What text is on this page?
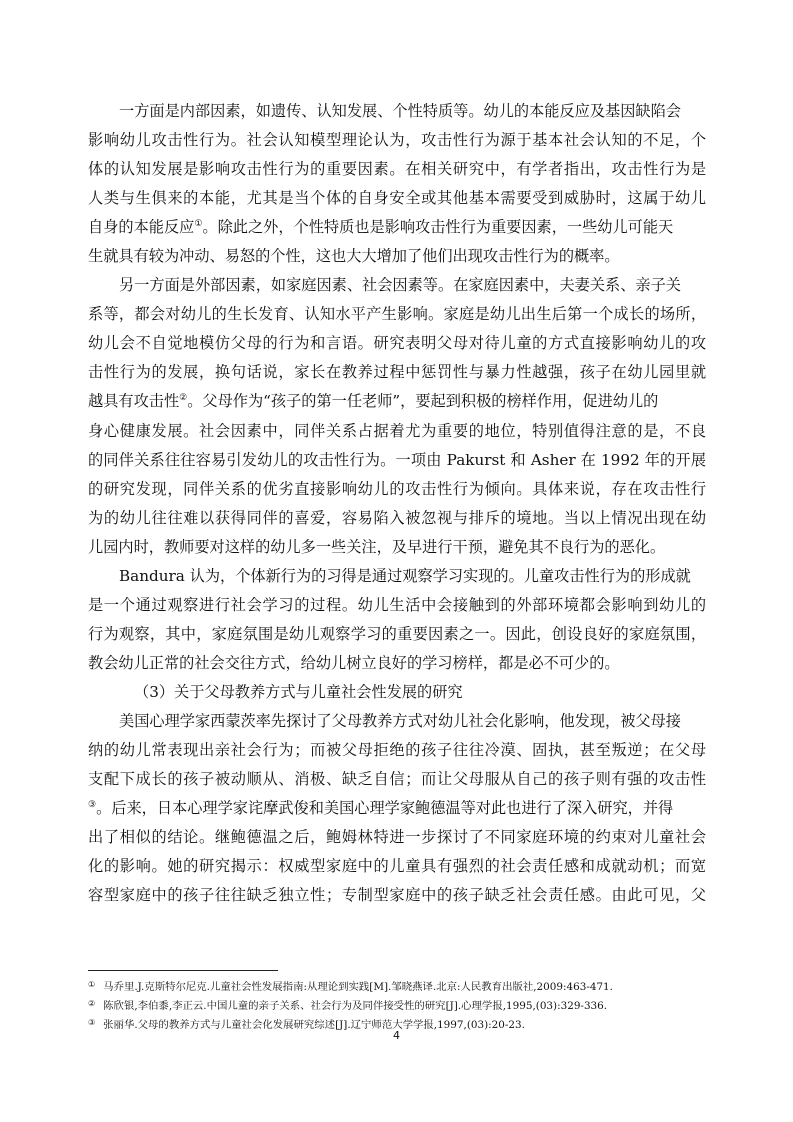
一方面是内部因素，如遗传、认知发展、个性特质等。幼儿的本能反应及基因缺陷会
影响幼儿攻击性行为。社会认知模型理论认为，攻击性行为源于基本社会认知的不足，个
体的认知发展是影响攻击性行为的重要因素。在相关研究中，有学者指出，攻击性行为是
人类与生俱来的本能，尤其是当个体的自身安全或其他基本需要受到威胁时，这属于幼儿
自身的本能反应①。除此之外，个性特质也是影响攻击性行为重要因素，一些幼儿可能天
生就具有较为冲动、易怒的个性，这也大大增加了他们出现攻击性行为的概率。
另一方面是外部因素，如家庭因素、社会因素等。在家庭因素中，夫妻关系、亲子关
系等，都会对幼儿的生长发育、认知水平产生影响。家庭是幼儿出生后第一个成长的场所，
幼儿会不自觉地模仿父母的行为和言语。研究表明父母对待儿童的方式直接影响幼儿的攻
击性行为的发展，换句话说，家长在教养过程中惩罚性与暴力性越强，孩子在幼儿园里就
越具有攻击性②。父母作为“孩子的第一任老师”，要起到积极的榜样作用，促进幼儿的
身心健康发展。社会因素中，同伴关系占据着尤为重要的地位，特别值得注意的是，不良
的同伴关系往往容易引发幼儿的攻击性行为。一项由 Pakurst 和 Asher 在 1992 年的开展
的研究发现，同伴关系的优劣直接影响幼儿的攻击性行为倾向。具体来说，存在攻击性行
为的幼儿往往难以获得同伴的喜爱，容易陷入被忽视与排斥的境地。当以上情况出现在幼
儿园内时，教师要对这样的幼儿多一些关注，及早进行干预，避免其不良行为的恶化。
Bandura 认为，个体新行为的习得是通过观察学习实现的。儿童攻击性行为的形成就
是一个通过观察进行社会学习的过程。幼儿生活中会接触到的外部环境都会影响到幼儿的
行为观察，其中，家庭氛围是幼儿观察学习的重要因素之一。因此，创设良好的家庭氛围，
教会幼儿正常的社会交往方式，给幼儿树立良好的学习榜样，都是必不可少的。
（3）关于父母教养方式与儿童社会性发展的研究
美国心理学家西蒙茨率先探讨了父母教养方式对幼儿社会化影响，他发现，被父母接
纳的幼儿常表现出亲社会行为；而被父母拒绝的孩子往往冷漠、固执，甚至叛逆；在父母
支配下成长的孩子被动顺从、消极、缺乏自信；而让父母服从自己的孩子则有强的攻击性
③。后来，日本心理学家诧摩武俊和美国心理学家鲍德温等对此也进行了深入研究，并得
出了相似的结论。继鲍德温之后，鲍姆林特进一步探讨了不同家庭环境的约束对儿童社会
化的影响。她的研究揭示：权威型家庭中的儿童具有强烈的社会责任感和成就动机；而宽
容型家庭中的孩子往往缺乏独立性；专制型家庭中的孩子缺乏社会责任感。由此可见，父
① 马乔里.J.克斯特尔尼克.儿童社会性发展指南:从理论到实践[M].邹晓燕译.北京:人民教育出版社,2009:463-471.
② 陈欣银,李伯黍,李正云.中国儿童的亲子关系、社会行为及同伴接受性的研究[J].心理学报,1995,(03):329-336.
③ 张丽华.父母的教养方式与儿童社会化发展研究综述[J].辽宁师范大学学报,1997,(03):20-23.
4
